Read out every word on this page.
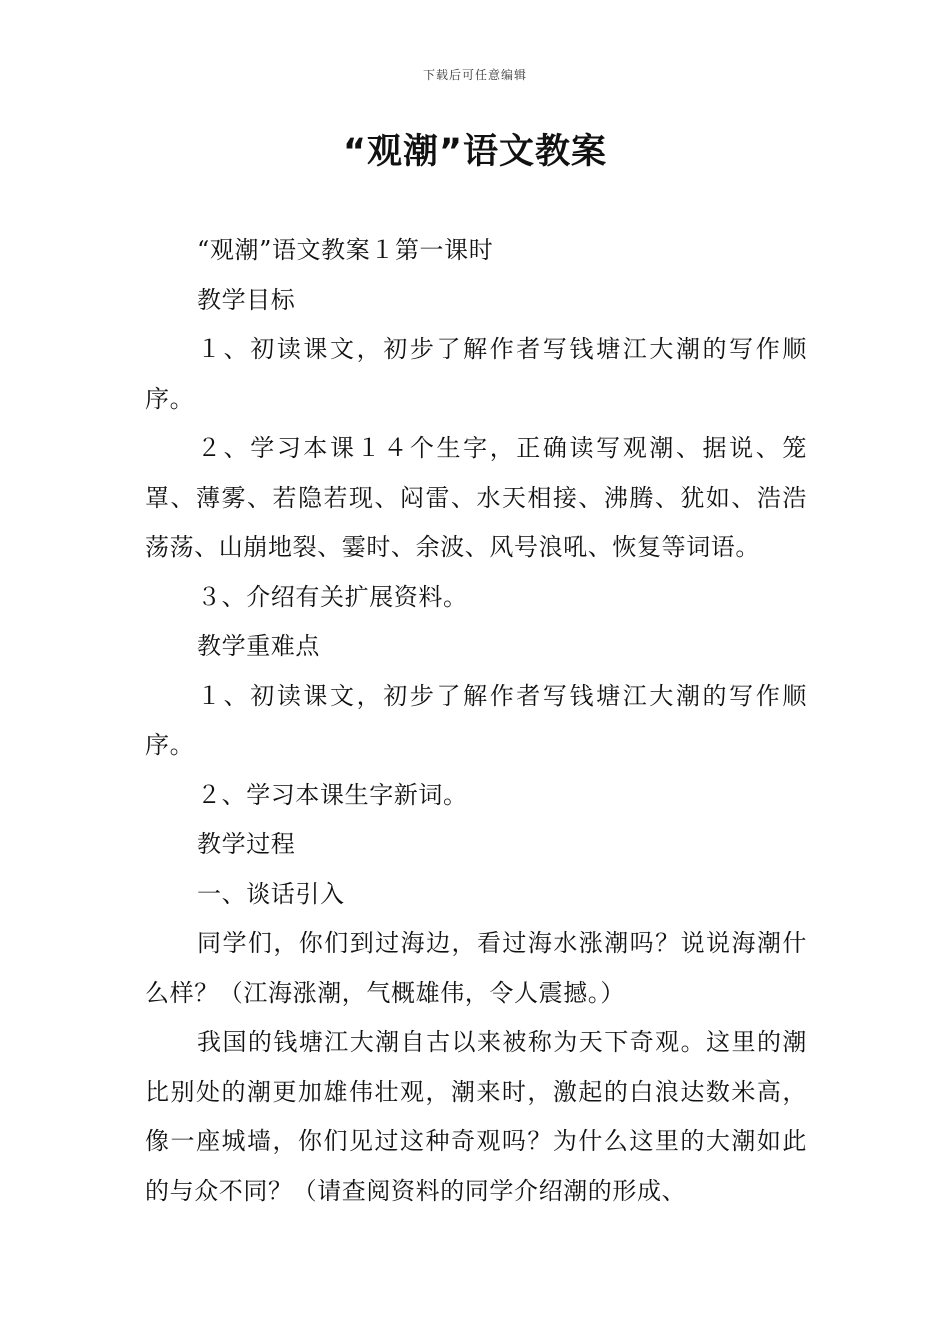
下载后可任意编辑
“观潮”语文教案

“观潮”语文教案１第一课时

教学目标

１、初读课文，初步了解作者写钱塘江大潮的写作顺序。

２、学习本课１４个生字，正确读写观潮、据说、笼罩、薄雾、若隐若现、闷雷、水天相接、沸腾、犹如、浩浩荡荡、山崩地裂、霎时、余波、风号浪吼、恢复等词语。

３、介绍有关扩展资料。

教学重难点

１、初读课文，初步了解作者写钱塘江大潮的写作顺序。

２、学习本课生字新词。

教学过程

一、谈话引入

同学们，你们到过海边，看过海水涨潮吗？说说海潮什么样？（江海涨潮，气概雄伟，令人震撼。）

我国的钱塘江大潮自古以来被称为天下奇观。这里的潮比别处的潮更加雄伟壮观，潮来时，激起的白浪达数米高，像一座城墙，你们见过这种奇观吗？为什么这里的大潮如此的与众不同？（请查阅资料的同学介绍潮的形成、
